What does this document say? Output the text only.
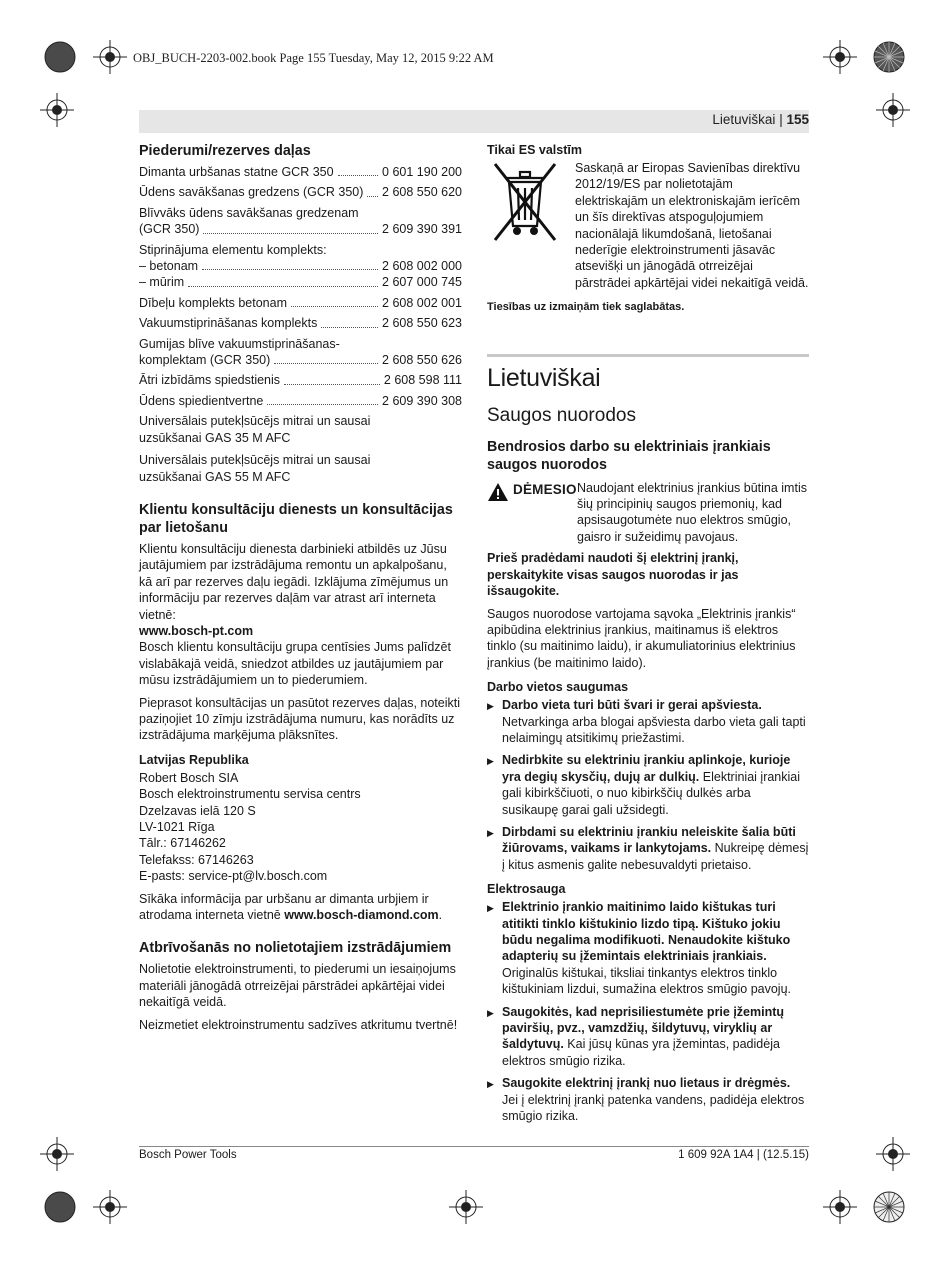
OBJ_BUCH-2203-002.book Page 155 Tuesday, May 12, 2015 9:22 AM
Lietuviškai | 155
Piederumi/rezerves daļas
Dimanta urbšanas statne GCR 350	0 601 190 200
Ūdens savākšanas gredzens (GCR 350) 2 608 550 620
Blīvvāks ūdens savākšanas gredzenam
(GCR 350)	2 609 390 391
Stiprinājuma elementu komplekts:
– betonam	2 608 002 000
– mūrim	2 607 000 745
Dībeļu komplekts betonam	2 608 002 001
Vakuumstiprināšanas komplekts	2 608 550 623
Gumijas blīve vakuumstiprināšanas-
komplektam (GCR 350)	2 608 550 626
Ātri izbīdāms spiedstienis	2 608 598 111
Ūdens spiedientvertne	2 609 390 308

Universālais putekļsūcējs mitrai un sausai
uzsūkšanai GAS 35 M AFC

Universālais putekļsūcējs mitrai un sausai
uzsūkšanai GAS 55 M AFC

Klientu konsultāciju dienests un konsultācijas par lietošanu

Klientu konsultāciju dienesta darbinieki atbildēs uz Jūsu jautājumiem par izstrādājuma remontu un apkalpošanu, kā arī par rezerves daļu iegādi. Izklājuma zīmējumus un informāciju par rezerves daļām var atrast arī interneta vietnē:

www.bosch-pt.com

Bosch klientu konsultāciju grupa centīsies Jums palīdzēt vislabākajā veidā, sniedzot atbildes uz jautājumiem par mūsu izstrādājumiem un to piederumiem.

Pieprasot konsultācijas un pasūtot rezerves daļas, noteikti paziņojiet 10 zīmju izstrādājuma numuru, kas norādīts uz izstrādājuma marķējuma plāksnītes.

Latvijas Republika
Robert Bosch SIA
Bosch elektroinstrumentu servisa centrs
Dzelzavas ielā 120 S
LV-1021 Rīga
Tālr.: 67146262
Telefakss: 67146263
E-pasts: service-pt@lv.bosch.com

Sīkāka informācija par urbšanu ar dimanta urbjiem ir atrodama interneta vietnē www.bosch-diamond.com.

Atbrīvošanās no nolietotajiem izstrādājumiem

Nolietotie elektroinstrumenti, to piederumi un iesaiņojums materiāli jānogādā otrreizējai pārstrādei apkārtējai videi nekaitīgā veidā.

Neizmetiet elektroinstrumentu sadzīves atkritumu tvertnē!

Tikai ES valstīm
Saskaņā ar Eiropas Savienības direktīvu 2012/19/ES par nolietotajām elektriskajām un elektroniskajām ierīcēm un šīs direktīvas atspoguļojumiem nacionālajā likumdošanā, lietošanai nederīgie elektroinstrumenti jāsavāc atsevišķi un jānogādā otrreizējai pārstrādei apkārtējai videi nekaitīgā veidā.
Tiesības uz izmaiņām tiek saglabātas.
Lietuviškai
Saugos nuorodos
Bendrosios darbo su elektriniais įrankiais saugos nuorodos
DĖMESIO Naudojant elektrinius įrankius būtina imtis šių principinių saugos priemonių, kad apsisaugotumėte nuo elektros smūgio, gaisro ir sužeidimų pavojaus.

Prieš pradėdami naudoti šį elektrinį įrankį, perskaitykite visas saugos nuorodas ir jas išsaugokite.

Saugos nuorodose vartojama sąvoka „Elektrinis įrankis“ apibūdina elektrinius įrankius, maitinamus iš elektros tinklo (su maitinimo laidu), ir akumuliatorinius elektrinius įrankius (be maitinimo laido).

Darbo vietos saugumas
▶ Darbo vieta turi būti švari ir gerai apšviesta. Netvarkinga arba blogai apšviesta darbo vieta gali tapti nelaimingų atsitikimų priežastimi.
▶ Nedirbkite su elektriniu įrankiu aplinkoje, kurioje yra degių skysčių, dujų ar dulkių. Elektriniai įrankiai gali kibirkščiuoti, o nuo kibirkščių dulkės arba susikaupę garai gali užsidegti.
▶ Dirbdami su elektriniu įrankiu neleiskite šalia būti žiūrovams, vaikams ir lankytojams. Nukreipę dėmesį į kitus asmenis galite nebesuvaldyti prietaiso.
Elektrosauga
▶ Elektrinio įrankio maitinimo laido kištukas turi atitikti tinklo kištukinio lizdo tipą. Kištuko jokiu būdu negalima modifikuoti. Nenaudokite kištuko adapterių su įžemintais elektriniais įrankiais. Originalūs kištukai, tiksliai tinkantys elektros tinklo kištukiniam lizdui, sumažina elektros smūgio pavojų.
▶ Saugokitės, kad neprisiliestumėte prie įžemintų paviršių, pvz., vamzdžių, šildytuvų, viryklių ar šaldytuvų. Kai jūsų kūnas yra įžemintas, padidėja elektros smūgio rizika.
▶ Saugokite elektrinį įrankį nuo lietaus ir drėgmės. Jei į elektrinį įrankį patenka vandens, padidėja elektros smūgio rizika.
Bosch Power Tools	1 609 92A 1A4 | (12.5.15)
